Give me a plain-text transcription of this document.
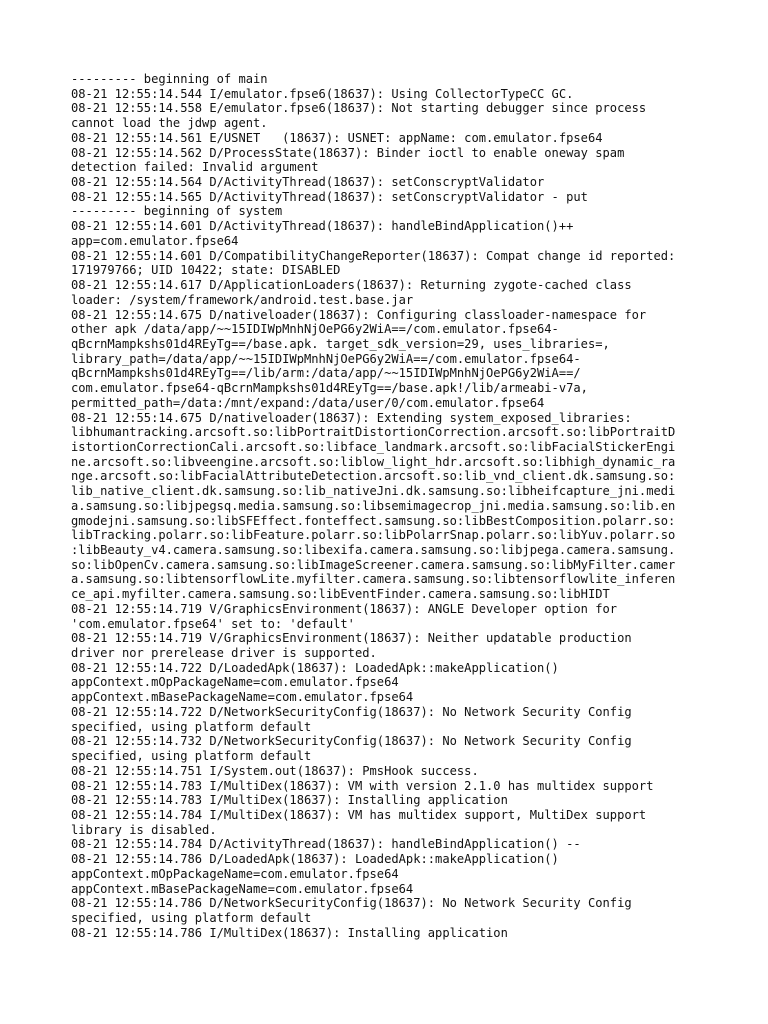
--------- beginning of main
08-21 12:55:14.544 I/emulator.fpse6(18637): Using CollectorTypeCC GC.
08-21 12:55:14.558 E/emulator.fpse6(18637): Not starting debugger since process
cannot load the jdwp agent.
08-21 12:55:14.561 E/USNET   (18637): USNET: appName: com.emulator.fpse64
08-21 12:55:14.562 D/ProcessState(18637): Binder ioctl to enable oneway spam
detection failed: Invalid argument
08-21 12:55:14.564 D/ActivityThread(18637): setConscryptValidator
08-21 12:55:14.565 D/ActivityThread(18637): setConscryptValidator - put
--------- beginning of system
08-21 12:55:14.601 D/ActivityThread(18637): handleBindApplication()++
app=com.emulator.fpse64
08-21 12:55:14.601 D/CompatibilityChangeReporter(18637): Compat change id reported:
171979766; UID 10422; state: DISABLED
08-21 12:55:14.617 D/ApplicationLoaders(18637): Returning zygote-cached class
loader: /system/framework/android.test.base.jar
08-21 12:55:14.675 D/nativeloader(18637): Configuring classloader-namespace for
other apk /data/app/~~15IDIWpMnhNjOePG6y2WiA==/com.emulator.fpse64-
qBcrnMampkshs01d4REyTg==/base.apk. target_sdk_version=29, uses_libraries=,
library_path=/data/app/~~15IDIWpMnhNjOePG6y2WiA==/com.emulator.fpse64-
qBcrnMampkshs01d4REyTg==/lib/arm:/data/app/~~15IDIWpMnhNjOePG6y2WiA==/
com.emulator.fpse64-qBcrnMampkshs01d4REyTg==/base.apk!/lib/armeabi-v7a,
permitted_path=/data:/mnt/expand:/data/user/0/com.emulator.fpse64
08-21 12:55:14.675 D/nativeloader(18637): Extending system_exposed_libraries:
libhumantracking.arcsoft.so:libPortraitDistortionCorrection.arcsoft.so:libPortraitD
istortionCorrectionCali.arcsoft.so:libface_landmark.arcsoft.so:libFacialStickerEngi
ne.arcsoft.so:libveengine.arcsoft.so:liblow_light_hdr.arcsoft.so:libhigh_dynamic_ra
nge.arcsoft.so:libFacialAttributeDetection.arcsoft.so:lib_vnd_client.dk.samsung.so:
lib_native_client.dk.samsung.so:lib_nativeJni.dk.samsung.so:libheifcapture_jni.medi
a.samsung.so:libjpegsq.media.samsung.so:libsemimagecrop_jni.media.samsung.so:lib.en
gmodejni.samsung.so:libSFEffect.fonteffect.samsung.so:libBestComposition.polarr.so:
libTracking.polarr.so:libFeature.polarr.so:libPolarrSnap.polarr.so:libYuv.polarr.so
:libBeauty_v4.camera.samsung.so:libexifa.camera.samsung.so:libjpega.camera.samsung.
so:libOpenCv.camera.samsung.so:libImageScreener.camera.samsung.so:libMyFilter.camer
a.samsung.so:libtensorflowLite.myfilter.camera.samsung.so:libtensorflowlite_inferen
ce_api.myfilter.camera.samsung.so:libEventFinder.camera.samsung.so:libHIDT
08-21 12:55:14.719 V/GraphicsEnvironment(18637): ANGLE Developer option for
'com.emulator.fpse64' set to: 'default'
08-21 12:55:14.719 V/GraphicsEnvironment(18637): Neither updatable production
driver nor prerelease driver is supported.
08-21 12:55:14.722 D/LoadedApk(18637): LoadedApk::makeApplication()
appContext.mOpPackageName=com.emulator.fpse64
appContext.mBasePackageName=com.emulator.fpse64
08-21 12:55:14.722 D/NetworkSecurityConfig(18637): No Network Security Config
specified, using platform default
08-21 12:55:14.732 D/NetworkSecurityConfig(18637): No Network Security Config
specified, using platform default
08-21 12:55:14.751 I/System.out(18637): PmsHook success.
08-21 12:55:14.783 I/MultiDex(18637): VM with version 2.1.0 has multidex support
08-21 12:55:14.783 I/MultiDex(18637): Installing application
08-21 12:55:14.784 I/MultiDex(18637): VM has multidex support, MultiDex support
library is disabled.
08-21 12:55:14.784 D/ActivityThread(18637): handleBindApplication() --
08-21 12:55:14.786 D/LoadedApk(18637): LoadedApk::makeApplication()
appContext.mOpPackageName=com.emulator.fpse64
appContext.mBasePackageName=com.emulator.fpse64
08-21 12:55:14.786 D/NetworkSecurityConfig(18637): No Network Security Config
specified, using platform default
08-21 12:55:14.786 I/MultiDex(18637): Installing application
